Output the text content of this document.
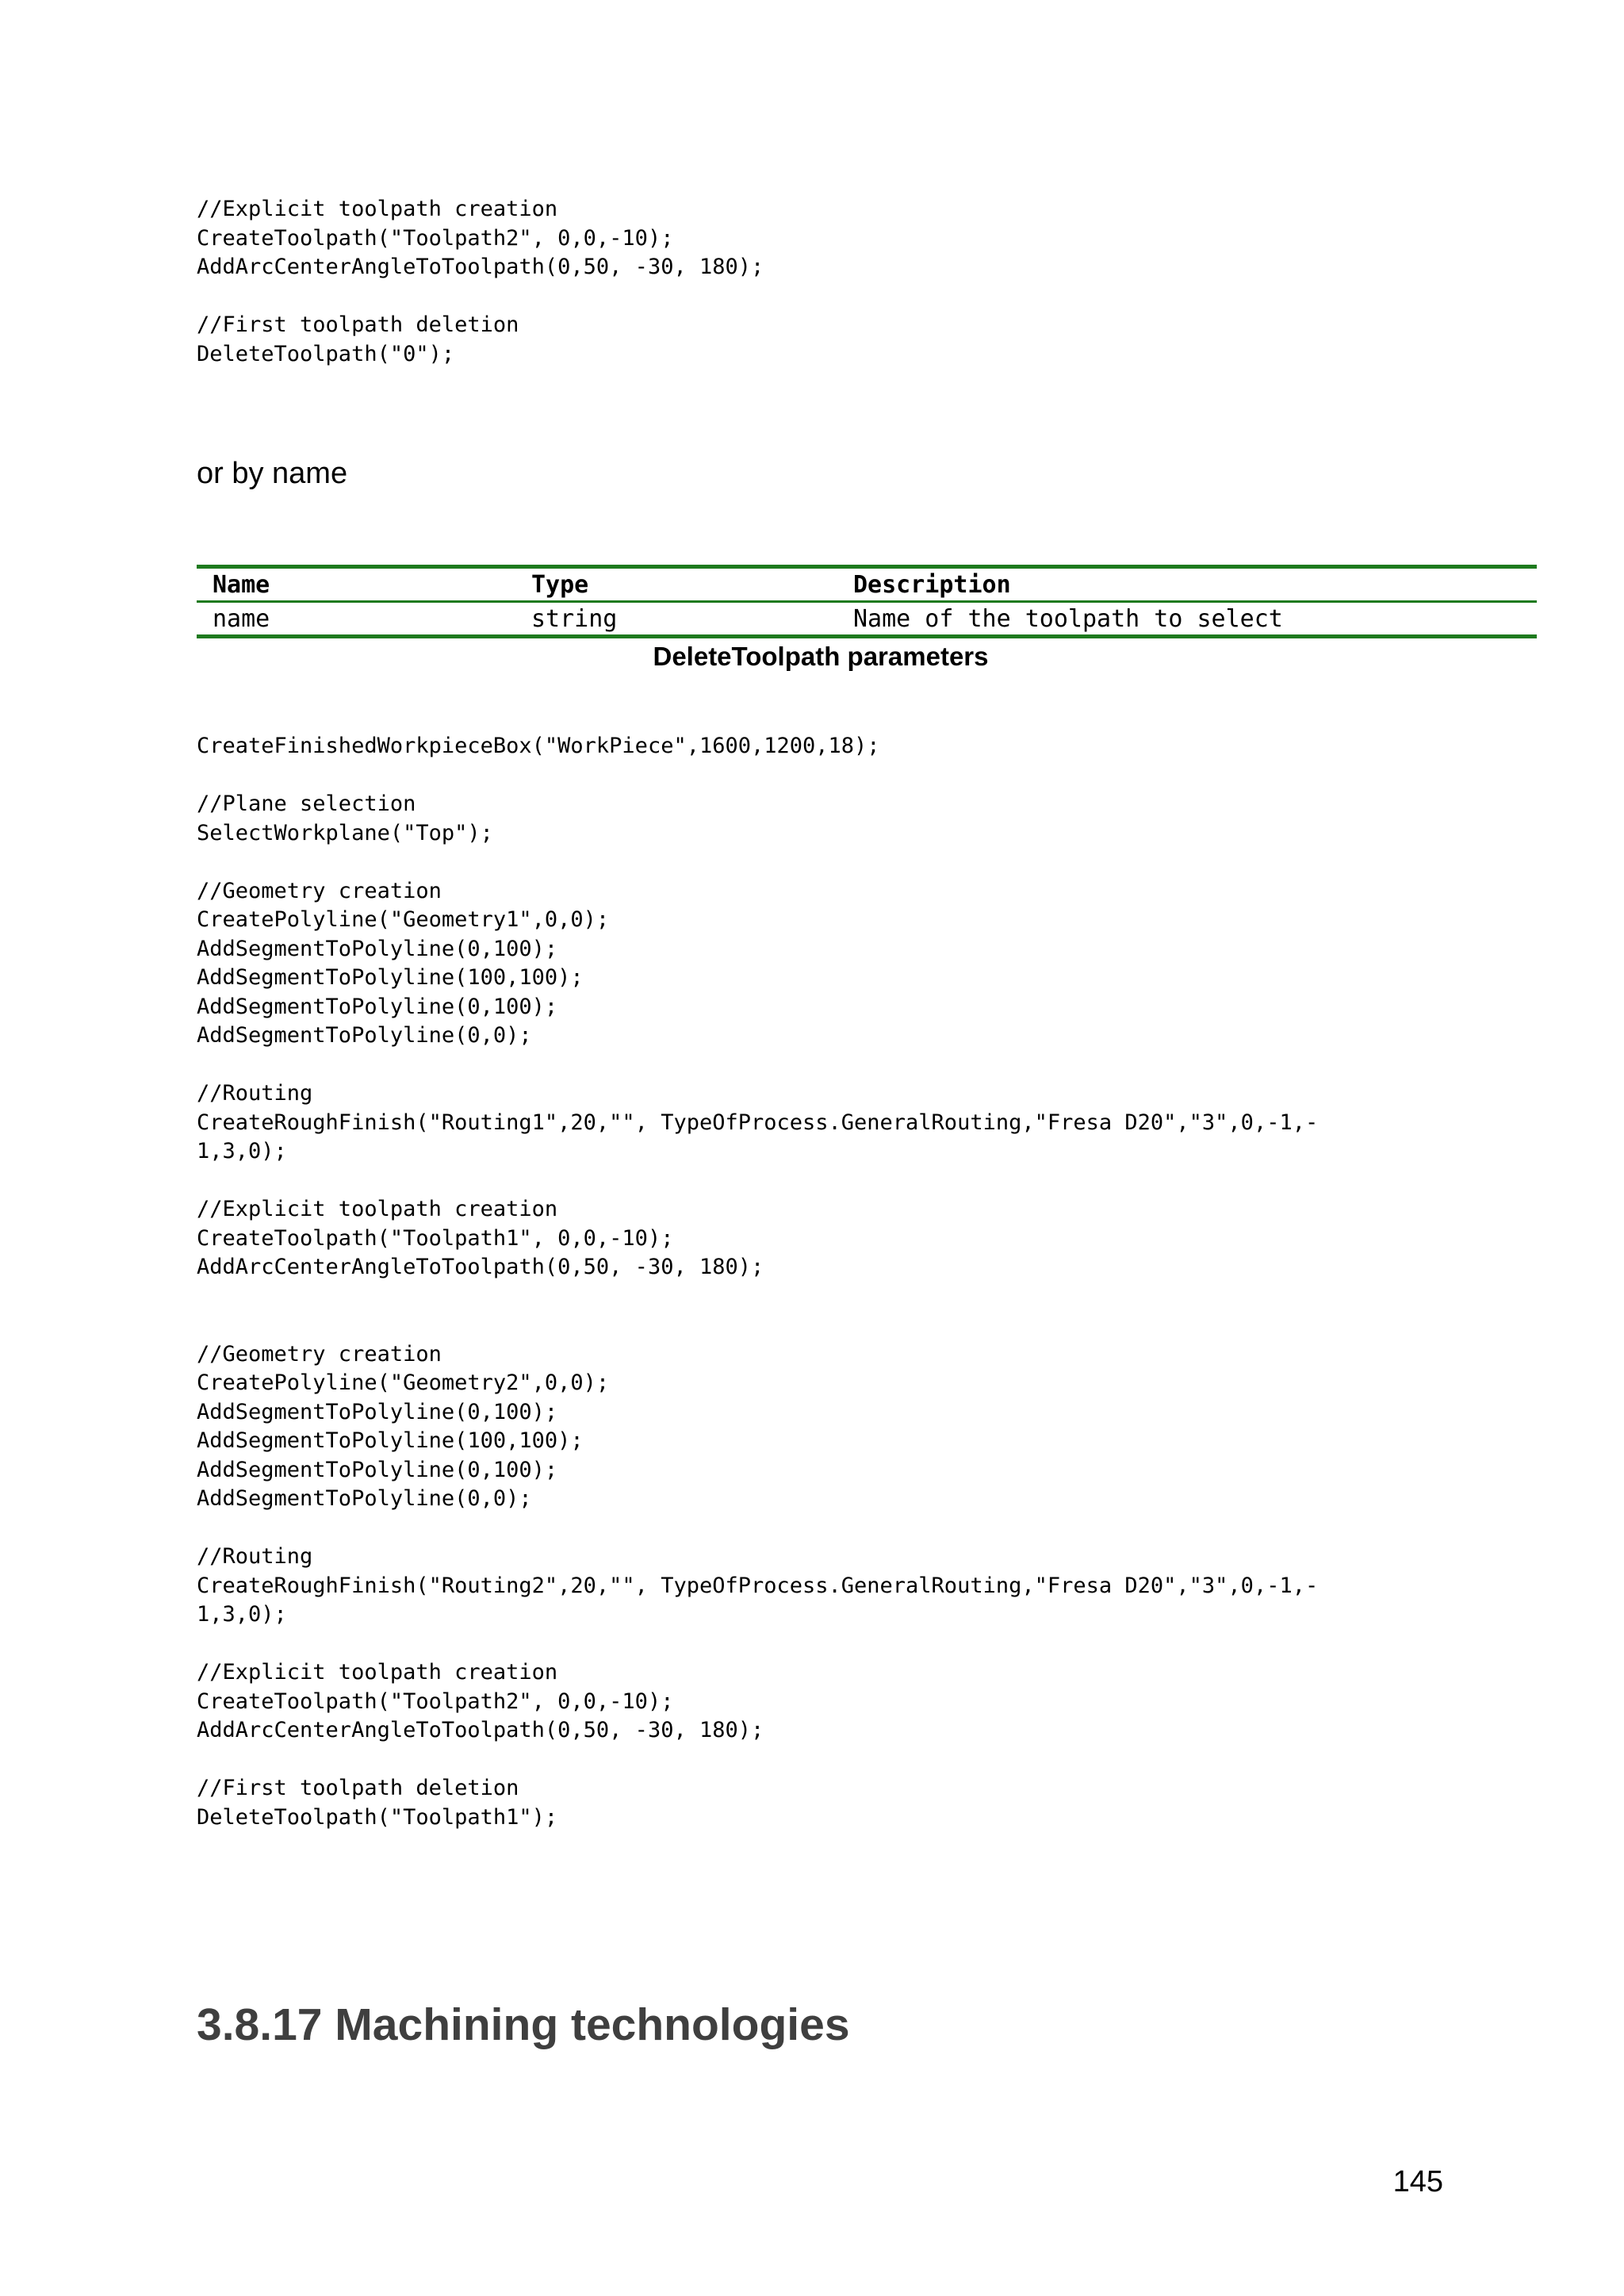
//Explicit toolpath creation
CreateToolpath("Toolpath2", 0,0,-10);
AddArcCenterAngleToToolpath(0,50, -30, 180);
//First toolpath deletion
DeleteToolpath("0");

or by name

Name	Type	Description
name	string	Name of the toolpath to select

DeleteToolpath parameters

CreateFinishedWorkpieceBox("WorkPiece",1600,1200,18);
//Plane selection
SelectWorkplane("Top");
//Geometry creation
CreatePolyline("Geometry1",0,0);
AddSegmentToPolyline(0,100);
AddSegmentToPolyline(100,100);
AddSegmentToPolyline(0,100);
AddSegmentToPolyline(0,0);
//Routing
CreateRoughFinish("Routing1",20,"", TypeOfProcess.GeneralRouting,"Fresa D20","3",0,-1,-
1,3,0);
//Explicit toolpath creation
CreateToolpath("Toolpath1", 0,0,-10);
AddArcCenterAngleToToolpath(0,50, -30, 180);
//Geometry creation
CreatePolyline("Geometry2",0,0);
AddSegmentToPolyline(0,100);
AddSegmentToPolyline(100,100);
AddSegmentToPolyline(0,100);
AddSegmentToPolyline(0,0);
//Routing
CreateRoughFinish("Routing2",20,"", TypeOfProcess.GeneralRouting,"Fresa D20","3",0,-1,-
1,3,0);
//Explicit toolpath creation
CreateToolpath("Toolpath2", 0,0,-10);
AddArcCenterAngleToToolpath(0,50, -30, 180);
//First toolpath deletion
DeleteToolpath("Toolpath1");
3.8.17 Machining technologies

145
